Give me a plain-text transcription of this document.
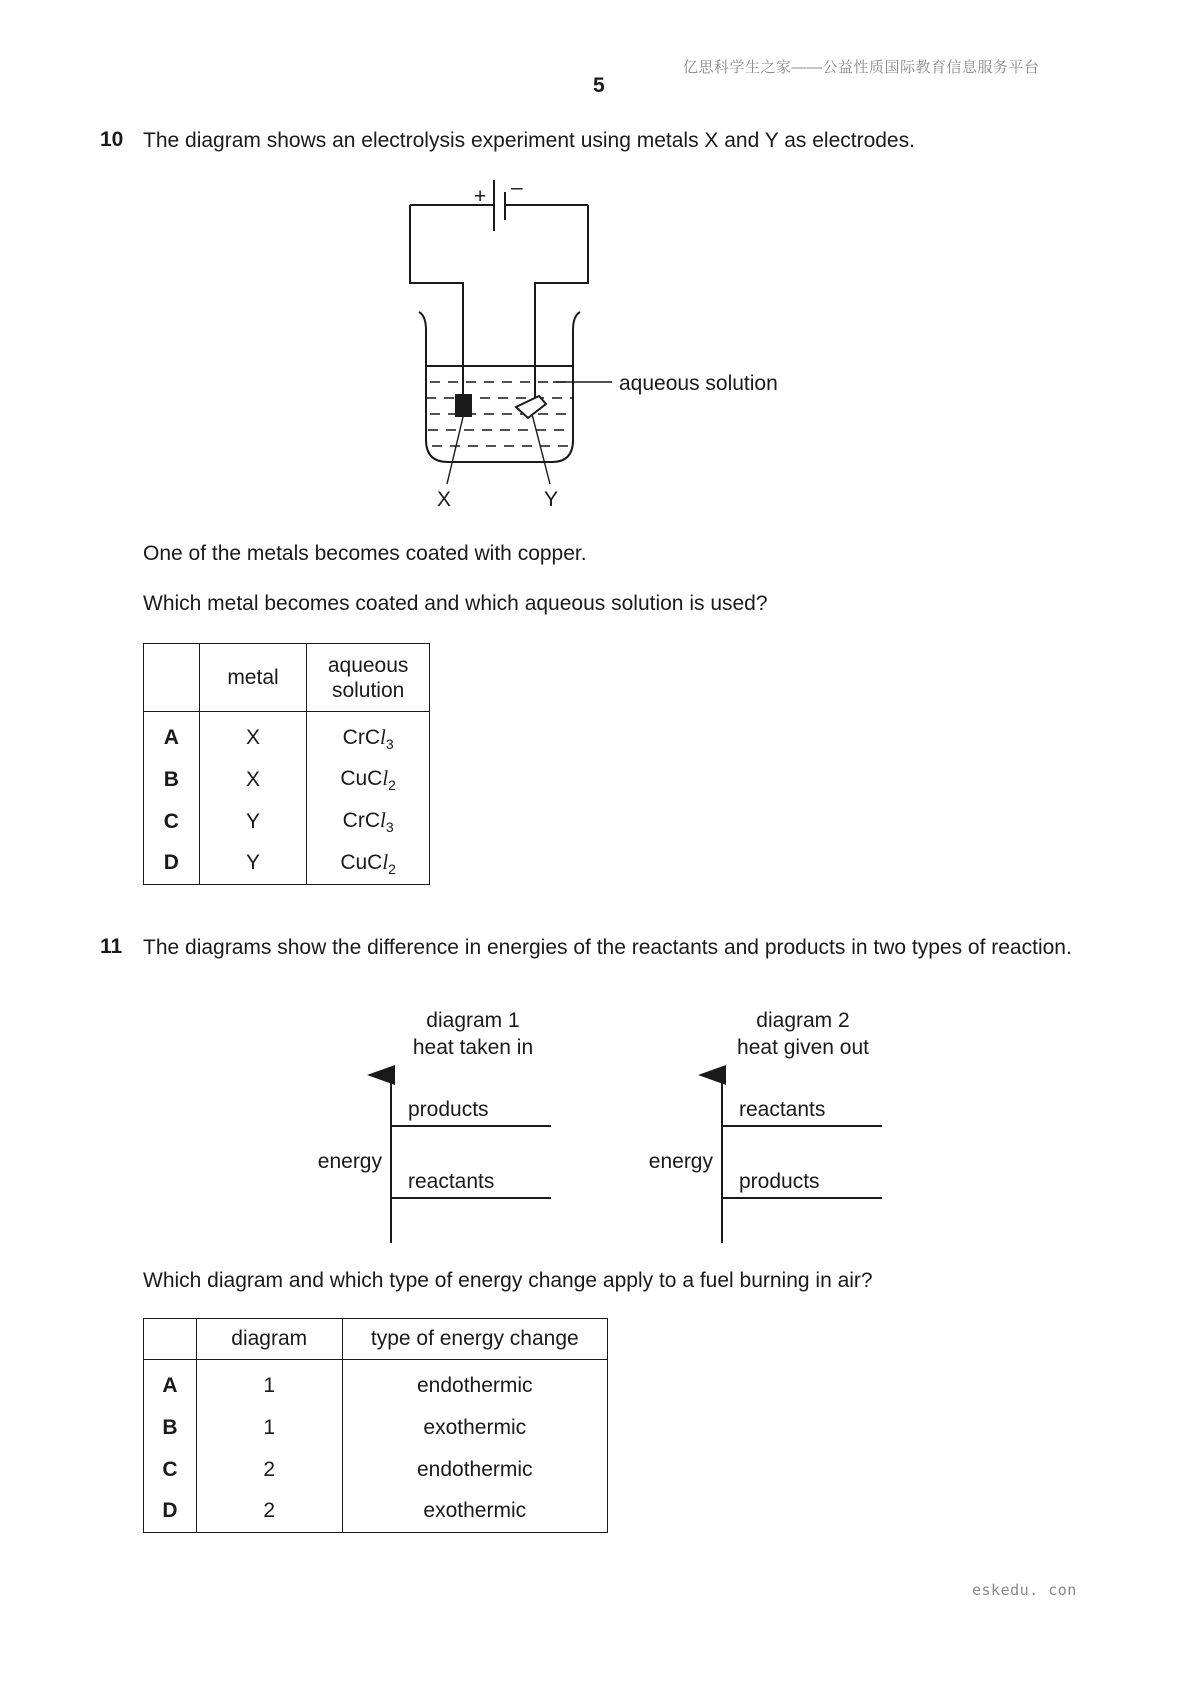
亿思科学生之家——公益性质国际教育信息服务平台
5
10 The diagram shows an electrolysis experiment using metals X and Y as electrodes.
+ –
aqueous solution
X	Y
One of the metals becomes coated with copper.
Which metal becomes coated and which aqueous solution is used?
	metal	aqueous
solution
A	X	CrCl$_3$
B	X	CuCl$_2$
C	Y	CrCl$_3$
D	Y	CuCl$_2$
11 The diagrams show the difference in energies of the reactants and products in two types of reaction.
diagram 1
heat taken in
energy
products
reactants
diagram 2
heat given out
energy
reactants
products
Which diagram and which type of energy change apply to a fuel burning in air?
	diagram	type of energy change
A	1	endothermic
B	1	exothermic
C	2	endothermic
D	2	exothermic
eskedu. con
